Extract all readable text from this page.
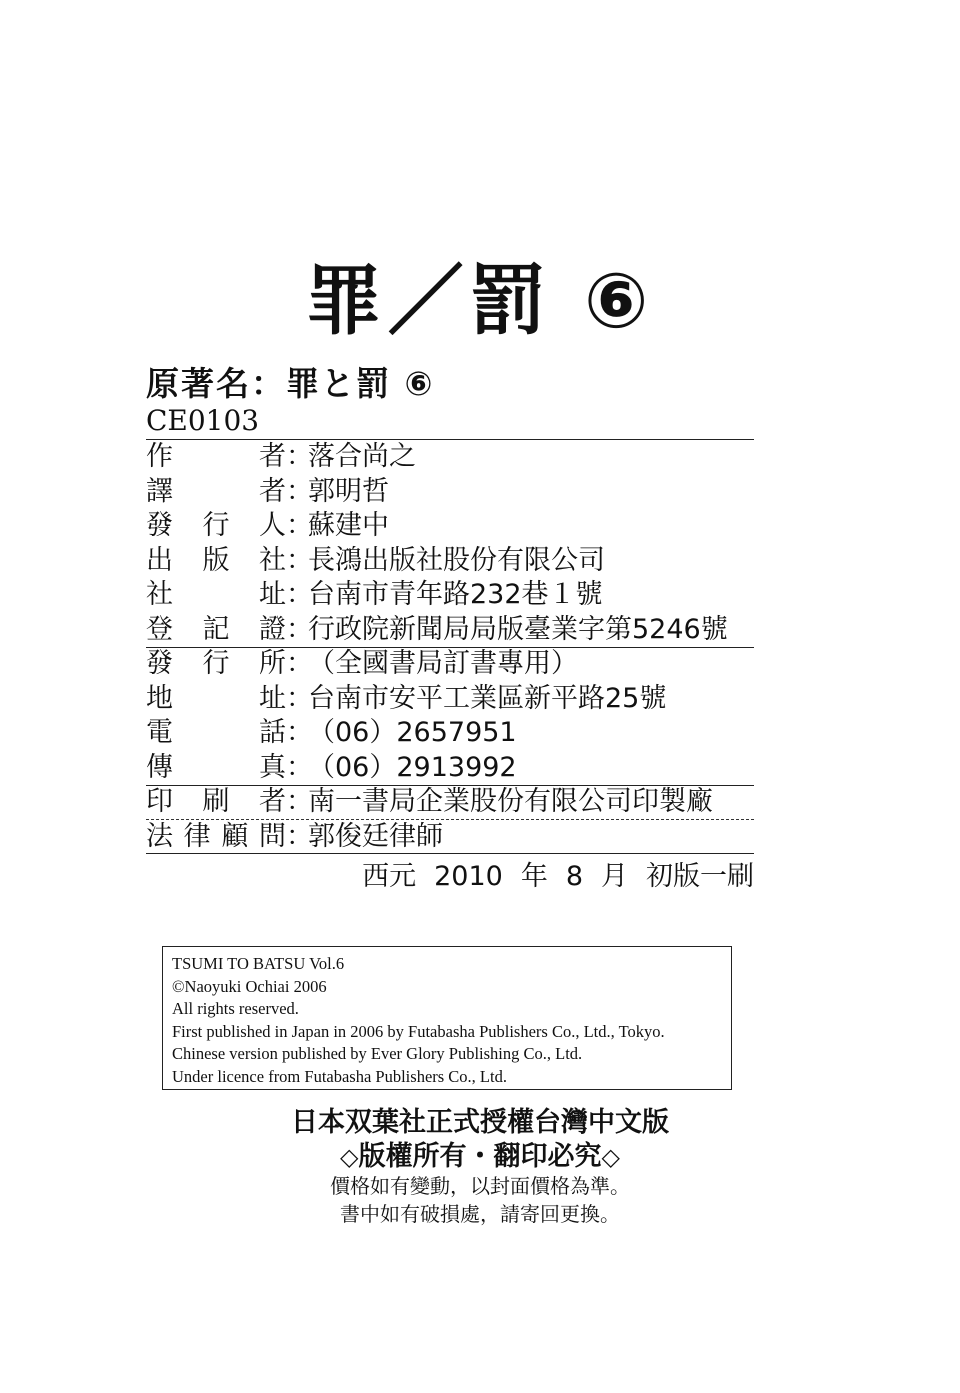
罪／罰 ⑥
原著名：罪と罰 ⑥
CE0103
作者：落合尚之
譯者：郭明哲
發行人：蘇建中
出版社：長鴻出版社股份有限公司
社址：台南市青年路232巷１號
登記證：行政院新聞局局版臺業字第5246號
發行所：（全國書局訂書專用）
地址：台南市安平工業區新平路25號
電話：（06）2657951
傳真：（06）2913992
印刷者：南一書局企業股份有限公司印製廠
法律顧問：郭俊廷律師
西元 2010 年 8 月 初版一刷
TSUMI TO BATSU Vol.6
©Naoyuki Ochiai 2006
All rights reserved.
First published in Japan in 2006 by Futabasha Publishers Co., Ltd., Tokyo.
Chinese version published by Ever Glory Publishing Co., Ltd.
Under licence from Futabasha Publishers Co., Ltd.
日本双葉社正式授權台灣中文版
◇版權所有・翻印必究◇
價格如有變動，以封面價格為準。
書中如有破損處，請寄回更換。
